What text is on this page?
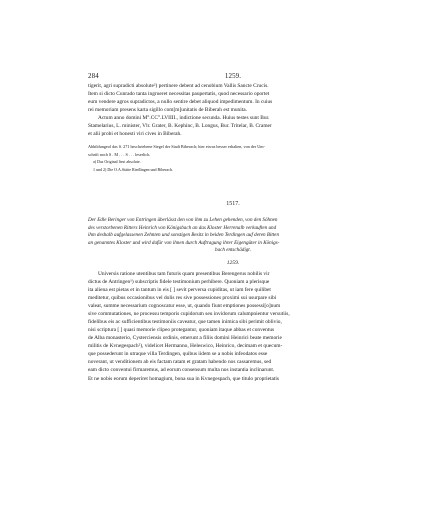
284	1259.
tigerit, agri supradicti absolute²) pertinere debent ad cenobium Vallis Sancte Crucis.
Item si dicto Cunrado tanta ingrueret necessitas paupertatis, quod necessario oportet
eum vendere agros supradictos, a nullo sentire debet aliquod impedimentum. In cuius
rei memoriam presens karta sigillo com[m]unitatis de Biberah est munita.
Actum anno domini M°.CC°.LVIIII., indictione secunda. Huius testes sunt Bur.
Stamelarius, L. minister, Vlr. Grater, B. Kephinc, B. Longus, Bur. Tritelar, B. Cramer
et alii probi et honesti viri cives in Biberah.
Abbildungeol das S. 271 beschriebene Siegel der Stadt Biberach; hier etwas besser erhalten, von der Um-
schrift noch S . M . . . S . . . leserlich.
a) Das Original liest absolute.
1 und 2) Die O.A.Stätte Riedlingen und Biberach.
1517.
Der Edle Beringer von Entringen überlässt den von ihm zu Lehen gehenden, von den Söhnen
des verstorbenen Ritters Heinrich von Königsbach an das Kloster Herrenalb verkauften und
ihm deshalb aufgelassenen Zehnten und sonstigen Besitz in beiden Terdingen auf deren Bitten
an genanntes Kloster und wird dafür von ihnen durch Auftragung ihrer Eigengüter in Königs-
bach entschädigt.
1259.
Universis ratione utentibus tam futuris quam presentibus Berengerus nobilis vir
dictus de Antringen¹) subscriptis fidele testimonium perhibere. Quoniam a plerisque
ita aliena est pietas et in tantum in eis [ ] sevit perversa cupiditas, ut iam fere quilibet
meditetur, quibus occasionibus vel dolis res sive possessiones proximi sui usurpare sibi
valeat, summe necessarium cognoscatur esse, ut, quando fiunt emptiones possessi[o]num
sive commutationes, ne processu temporis cupidorum seu invidorum calumpnientur versutiis,
fidelibus eis ac sufficientibus testimoniis caveatur, que tamen inimica sibi perimit oblivio,
nisi scriptura [ ] quasi memorie clipeo protegantur, quoniam itaque abbas et conventus
de Alba monasterio, Cysterciensis ordinis, emerunt a filiis domini Heinrici beate memorie
militis de Kvnegespach²), videlicet Hermanno, Heleswico, Heinrico, decimam et quecum-
que possederunt in utraque villa Terdingen, quibus iidem se a nobis infeodatos esse
noverant, ut venditionem ab eis factam ratam et gratam habendo nos cassaremus, sed
eam dicto conventui firmaremus, ad eorum consensum multa nos instantia inclinarunt.
Et ne nobis eorum deperiret homagium, bona sua in Kvnegespach, que titulo proprietatis
